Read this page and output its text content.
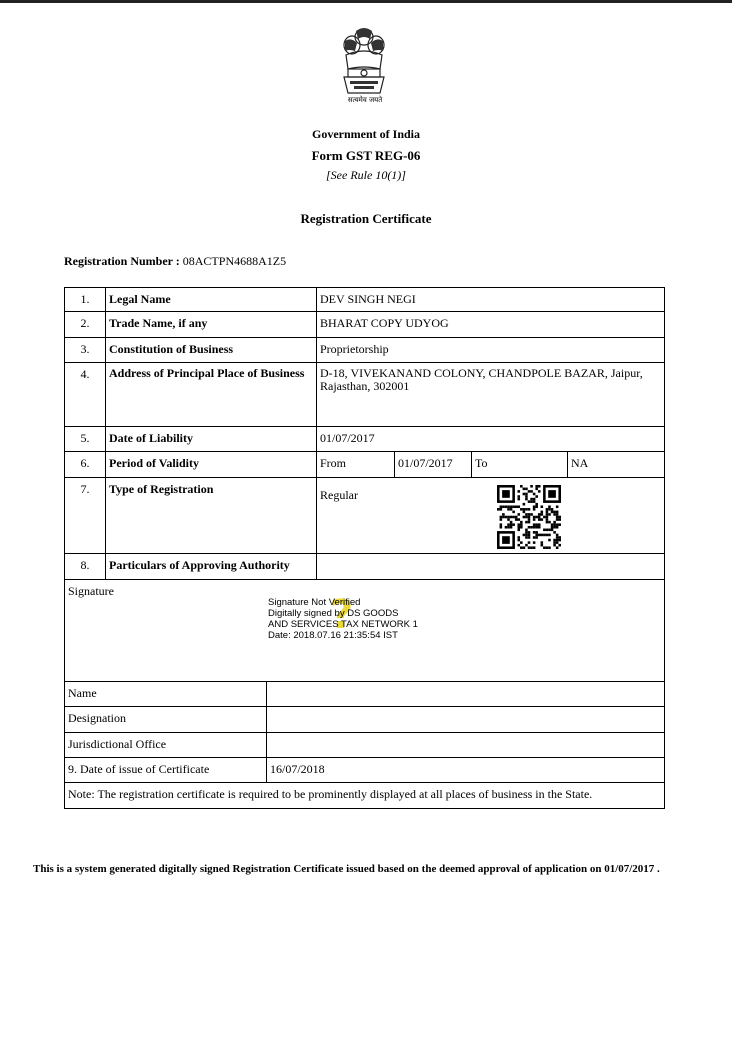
सत्यमेव जयते
Government of India
Form GST REG-06
[See Rule 10(1)]
Registration Certificate
Registration Number : 08ACTPN4688A1Z5
1.	Legal Name	DEV SINGH NEGI
2.	Trade Name, if any	BHARAT COPY UDYOG
3.	Constitution of Business	Proprietorship
4.	Address of Principal Place of Business	D-18, VIVEKANAND COLONY, CHANDPOLE BAZAR, Jaipur, Rajasthan, 302001
5.	Date of Liability	01/07/2017
6.	Period of Validity	From	01/07/2017	To	NA
7.	Type of Registration	Regular
8.	Particulars of Approving Authority
Signature
?
Signature Not Verified
Digitally signed by DS GOODS
AND SERVICES TAX NETWORK 1
Date: 2018.07.16 21:35:54 IST
Name
Designation
Jurisdictional Office
9. Date of issue of Certificate	16/07/2018
Note: The registration certificate is required to be prominently displayed at all places of business in the State.
This is a system generated digitally signed Registration Certificate issued based on the deemed approval of application on 01/07/2017 .
